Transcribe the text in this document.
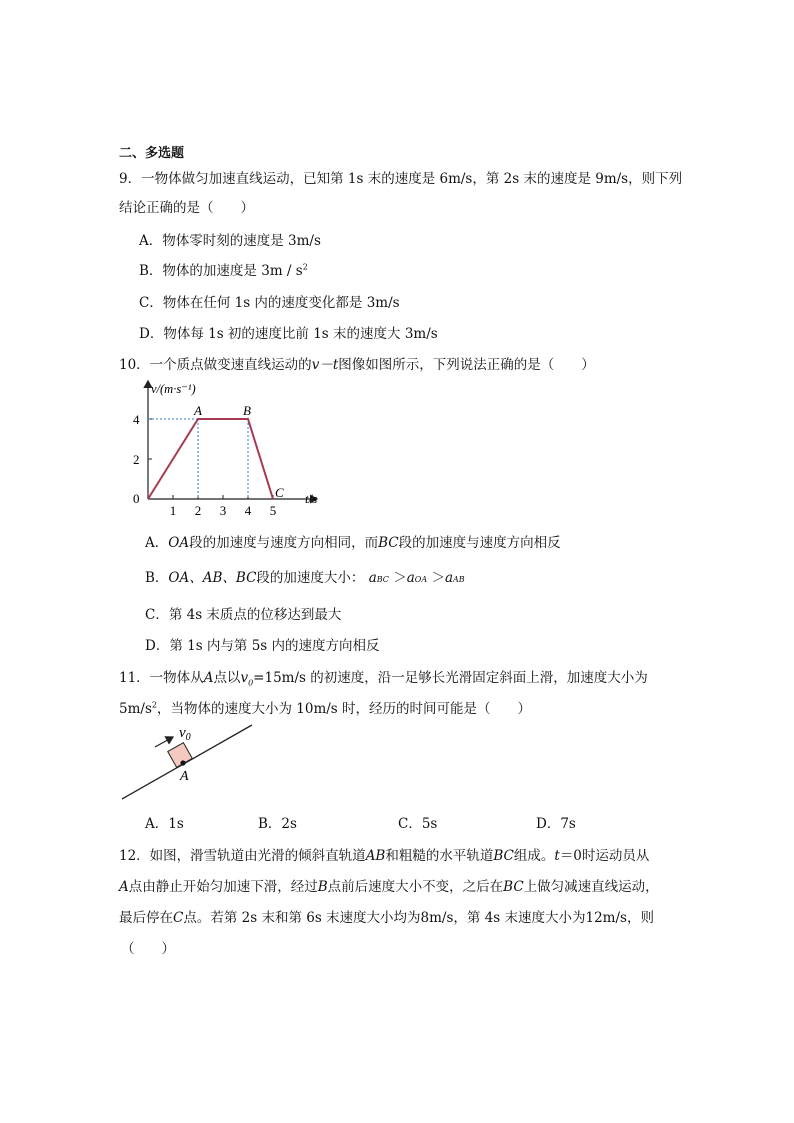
二、多选题
9．一物体做匀加速直线运动，已知第 1s 末的速度是 6m/s，第 2s 末的速度是 9m/s，则下列
结论正确的是（　　）
A．物体零时刻的速度是 3m/s
B．物体的加速度是 $3m / s^2$
C．物体在任何 1s 内的速度变化都是 3m/s
D．物体每 1s 初的速度比前 1s 末的速度大 3m/s
10．一个质点做变速直线运动的v－t图像如图所示，下列说法正确的是（　　）
v/(m·s⁻¹)
t/s
0
4
2
1 2 3 4 5
A	B
C
A．OA段的加速度与速度方向相同，而BC段的加速度与速度方向相反
B．OA、AB、BC段的加速度大小： aBC ＞aOA ＞aAB
C．第 4s 末质点的位移达到最大
D．第 1s 内与第 5s 内的速度方向相反
11．一物体从A点以$v_0=15m/s$ 的初速度，沿一足够长光滑固定斜面上滑，加速度大小为
$5m/s^2$，当物体的速度大小为 10m/s 时，经历的时间可能是（　　）
$v_0$
A
A．1s	B．2s	C．5s	D．7s
12．如图，滑雪轨道由光滑的倾斜直轨道AB和粗糙的水平轨道BC组成。t＝0时运动员从
A点由静止开始匀加速下滑，经过B点前后速度大小不变，之后在BC上做匀减速直线运动，
最后停在C点。若第 2s 末和第 6s 末速度大小均为8m/s，第 4s 末速度大小为12m/s，则
（　　）
